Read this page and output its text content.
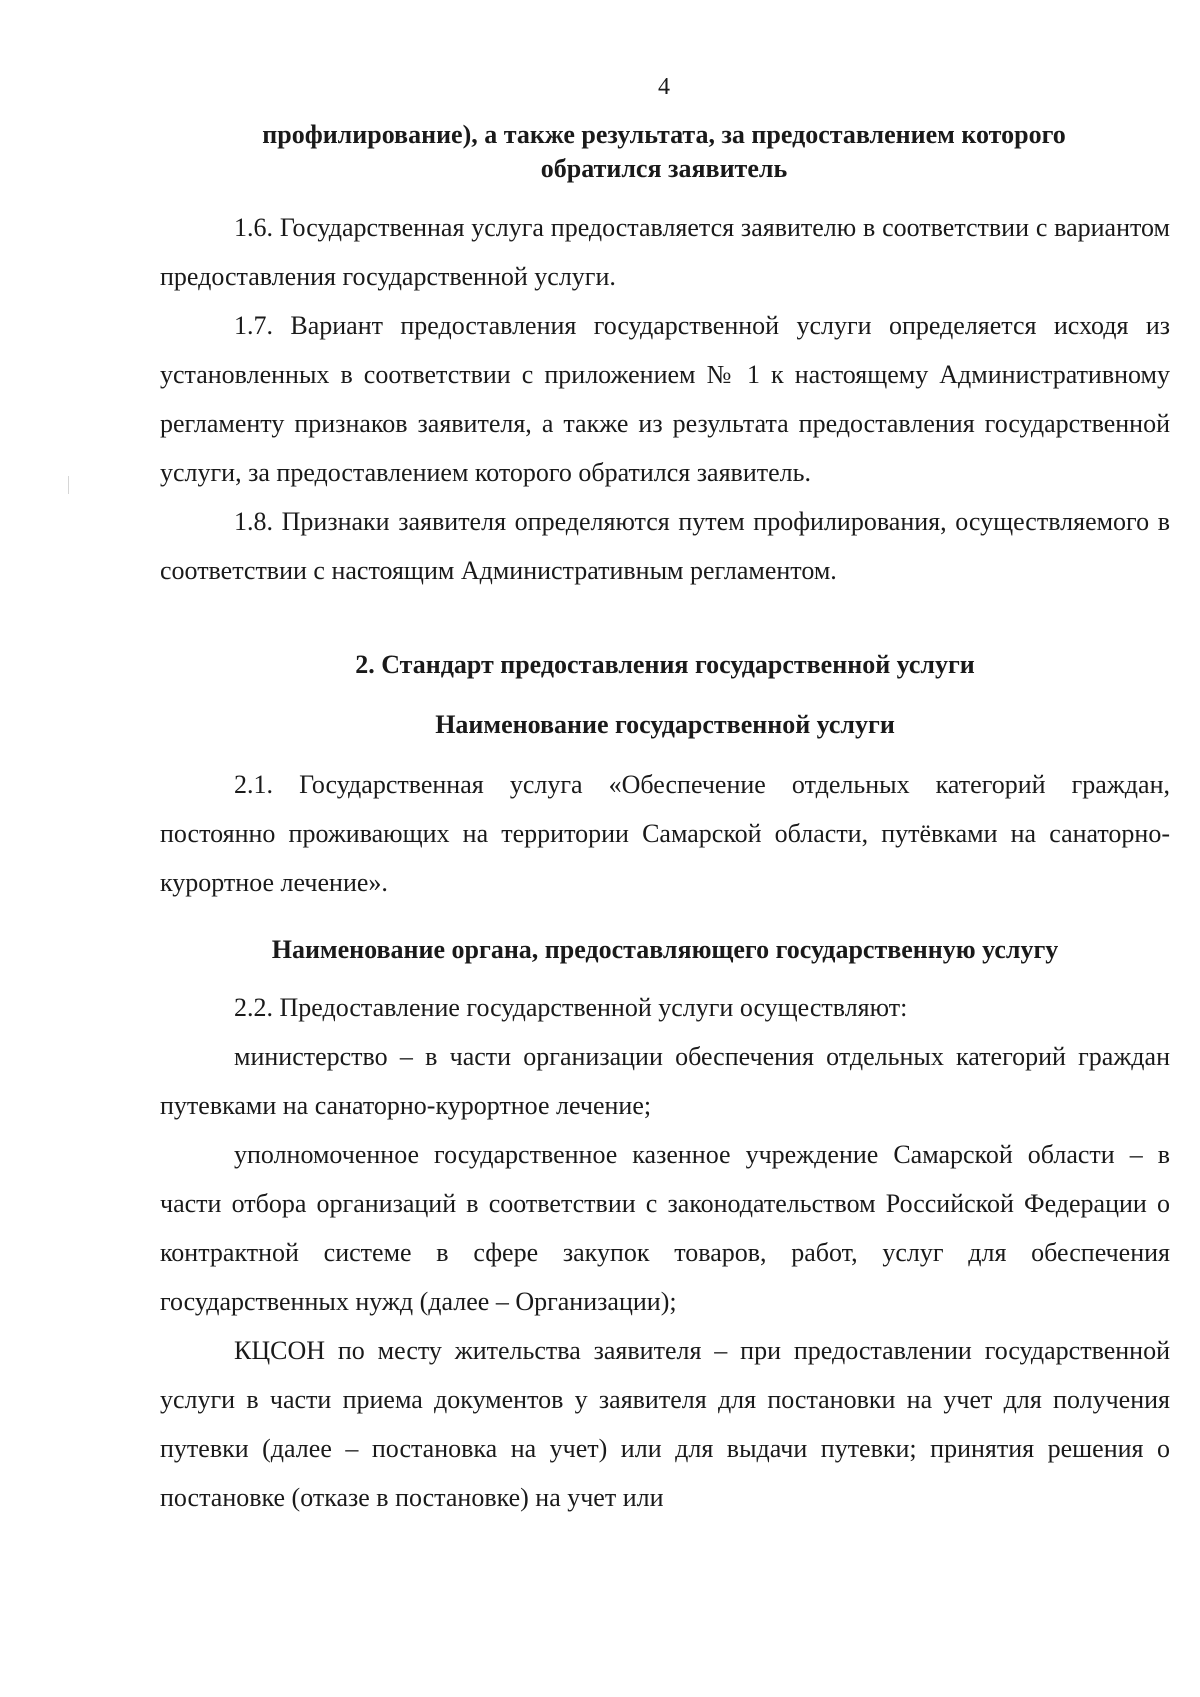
4

профилирование), а также результата, за предоставлением которого обратился заявитель

1.6. Государственная услуга предоставляется заявителю в соответствии с вариантом предоставления государственной услуги.

1.7. Вариант предоставления государственной услуги определяется исходя из установленных в соответствии с приложением № 1 к настоящему Административному регламенту признаков заявителя, а также из результата предоставления государственной услуги, за предоставлением которого обратился заявитель.

1.8. Признаки заявителя определяются путем профилирования, осуществляемого в соответствии с настоящим Административным регламентом.

2. Стандарт предоставления государственной услуги

Наименование государственной услуги

2.1. Государственная услуга «Обеспечение отдельных категорий граждан, постоянно проживающих на территории Самарской области, путёвками на санаторно-курортное лечение».

Наименование органа, предоставляющего государственную услугу

2.2. Предоставление государственной услуги осуществляют:

министерство – в части организации обеспечения отдельных категорий граждан путевками на санаторно-курортное лечение;

уполномоченное государственное казенное учреждение Самарской области – в части отбора организаций в соответствии с законодательством Российской Федерации о контрактной системе в сфере закупок товаров, работ, услуг для обеспечения государственных нужд (далее – Организации);

КЦСОН по месту жительства заявителя – при предоставлении государственной услуги в части приема документов у заявителя для постановки на учет для получения путевки (далее – постановка на учет) или для выдачи путевки; принятия решения о постановке (отказе в постановке) на учет или
